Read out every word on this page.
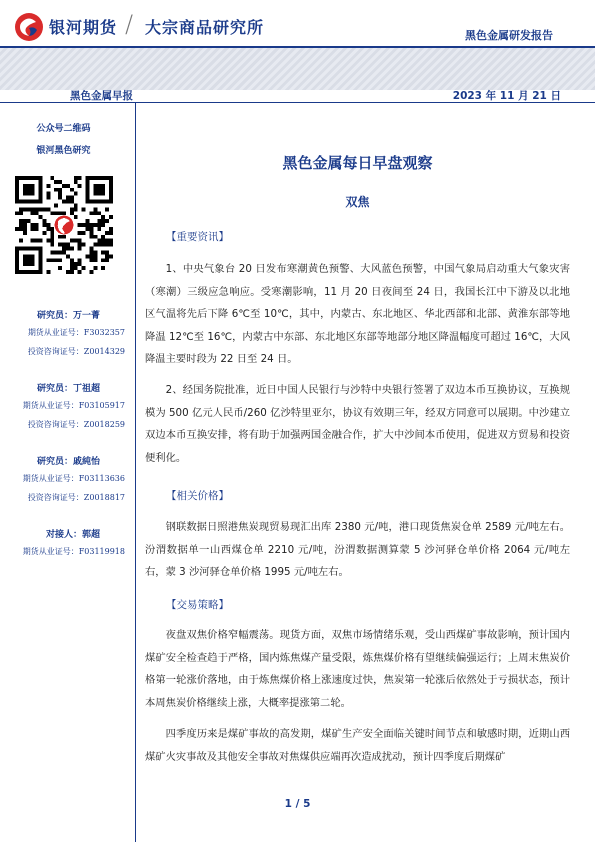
银河期货 / 大宗商品研究所	黑色金属研发报告
黑色金属早报	2023 年 11 月 21 日
公众号二维码
银河黑色研究
研究员：万一菁
期货从业证号：F3032357
投资咨询证号：Z0014329
研究员：丁祖超
期货从业证号：F03105917
投资咨询证号：Z0018259
研究员：戚純怡
期货从业证号：F03113636
投资咨询证号：Z0018817
对接人：郭超
期货从业证号：F03119918
黑色金属每日早盘观察
双焦
【重要资讯】

1、中央气象台 20 日发布寒潮黄色预警、大风蓝色预警，中国气象局启动重大气象灾害（寒潮）三级应急响应。受寒潮影响，11 月 20 日夜间至 24 日，我国长江中下游及以北地区气温将先后下降 6℃至 10℃，其中，内蒙古、东北地区、华北西部和北部、黄淮东部等地降温 12℃至 16℃，内蒙古中东部、东北地区东部等地部分地区降温幅度可超过 16℃，大风降温主要时段为 22 日至 24 日。

2、经国务院批准，近日中国人民银行与沙特中央银行签署了双边本币互换协议，互换规模为 500 亿元人民币/260 亿沙特里亚尔，协议有效期三年，经双方同意可以展期。中沙建立双边本币互换安排，将有助于加强两国金融合作，扩大中沙间本币使用，促进双方贸易和投资便利化。

【相关价格】

钢联数据日照港焦炭现贸易现汇出库 2380 元/吨，港口现货焦炭仓单 2589 元/吨左右。汾渭数据单一山西煤仓单 2210 元/吨，汾渭数据测算蒙 5 沙河驿仓单价格 2064 元/吨左右，蒙 3 沙河驿仓单价格 1995 元/吨左右。

【交易策略】

夜盘双焦价格窄幅震荡。现货方面，双焦市场情绪乐观，受山西煤矿事故影响，预计国内煤矿安全检查趋于严格，国内炼焦煤产量受限，炼焦煤价格有望继续偏强运行；上周末焦炭价格第一轮涨价落地，由于炼焦煤价格上涨速度过快，焦炭第一轮涨后依然处于亏损状态，预计本周焦炭价格继续上涨，大概率提涨第二轮。

四季度历来是煤矿事故的高发期，煤矿生产安全面临关键时间节点和敏感时期，近期山西煤矿火灾事故及其他安全事故对焦煤供应端再次造成扰动，预计四季度后期煤矿

1 / 5
